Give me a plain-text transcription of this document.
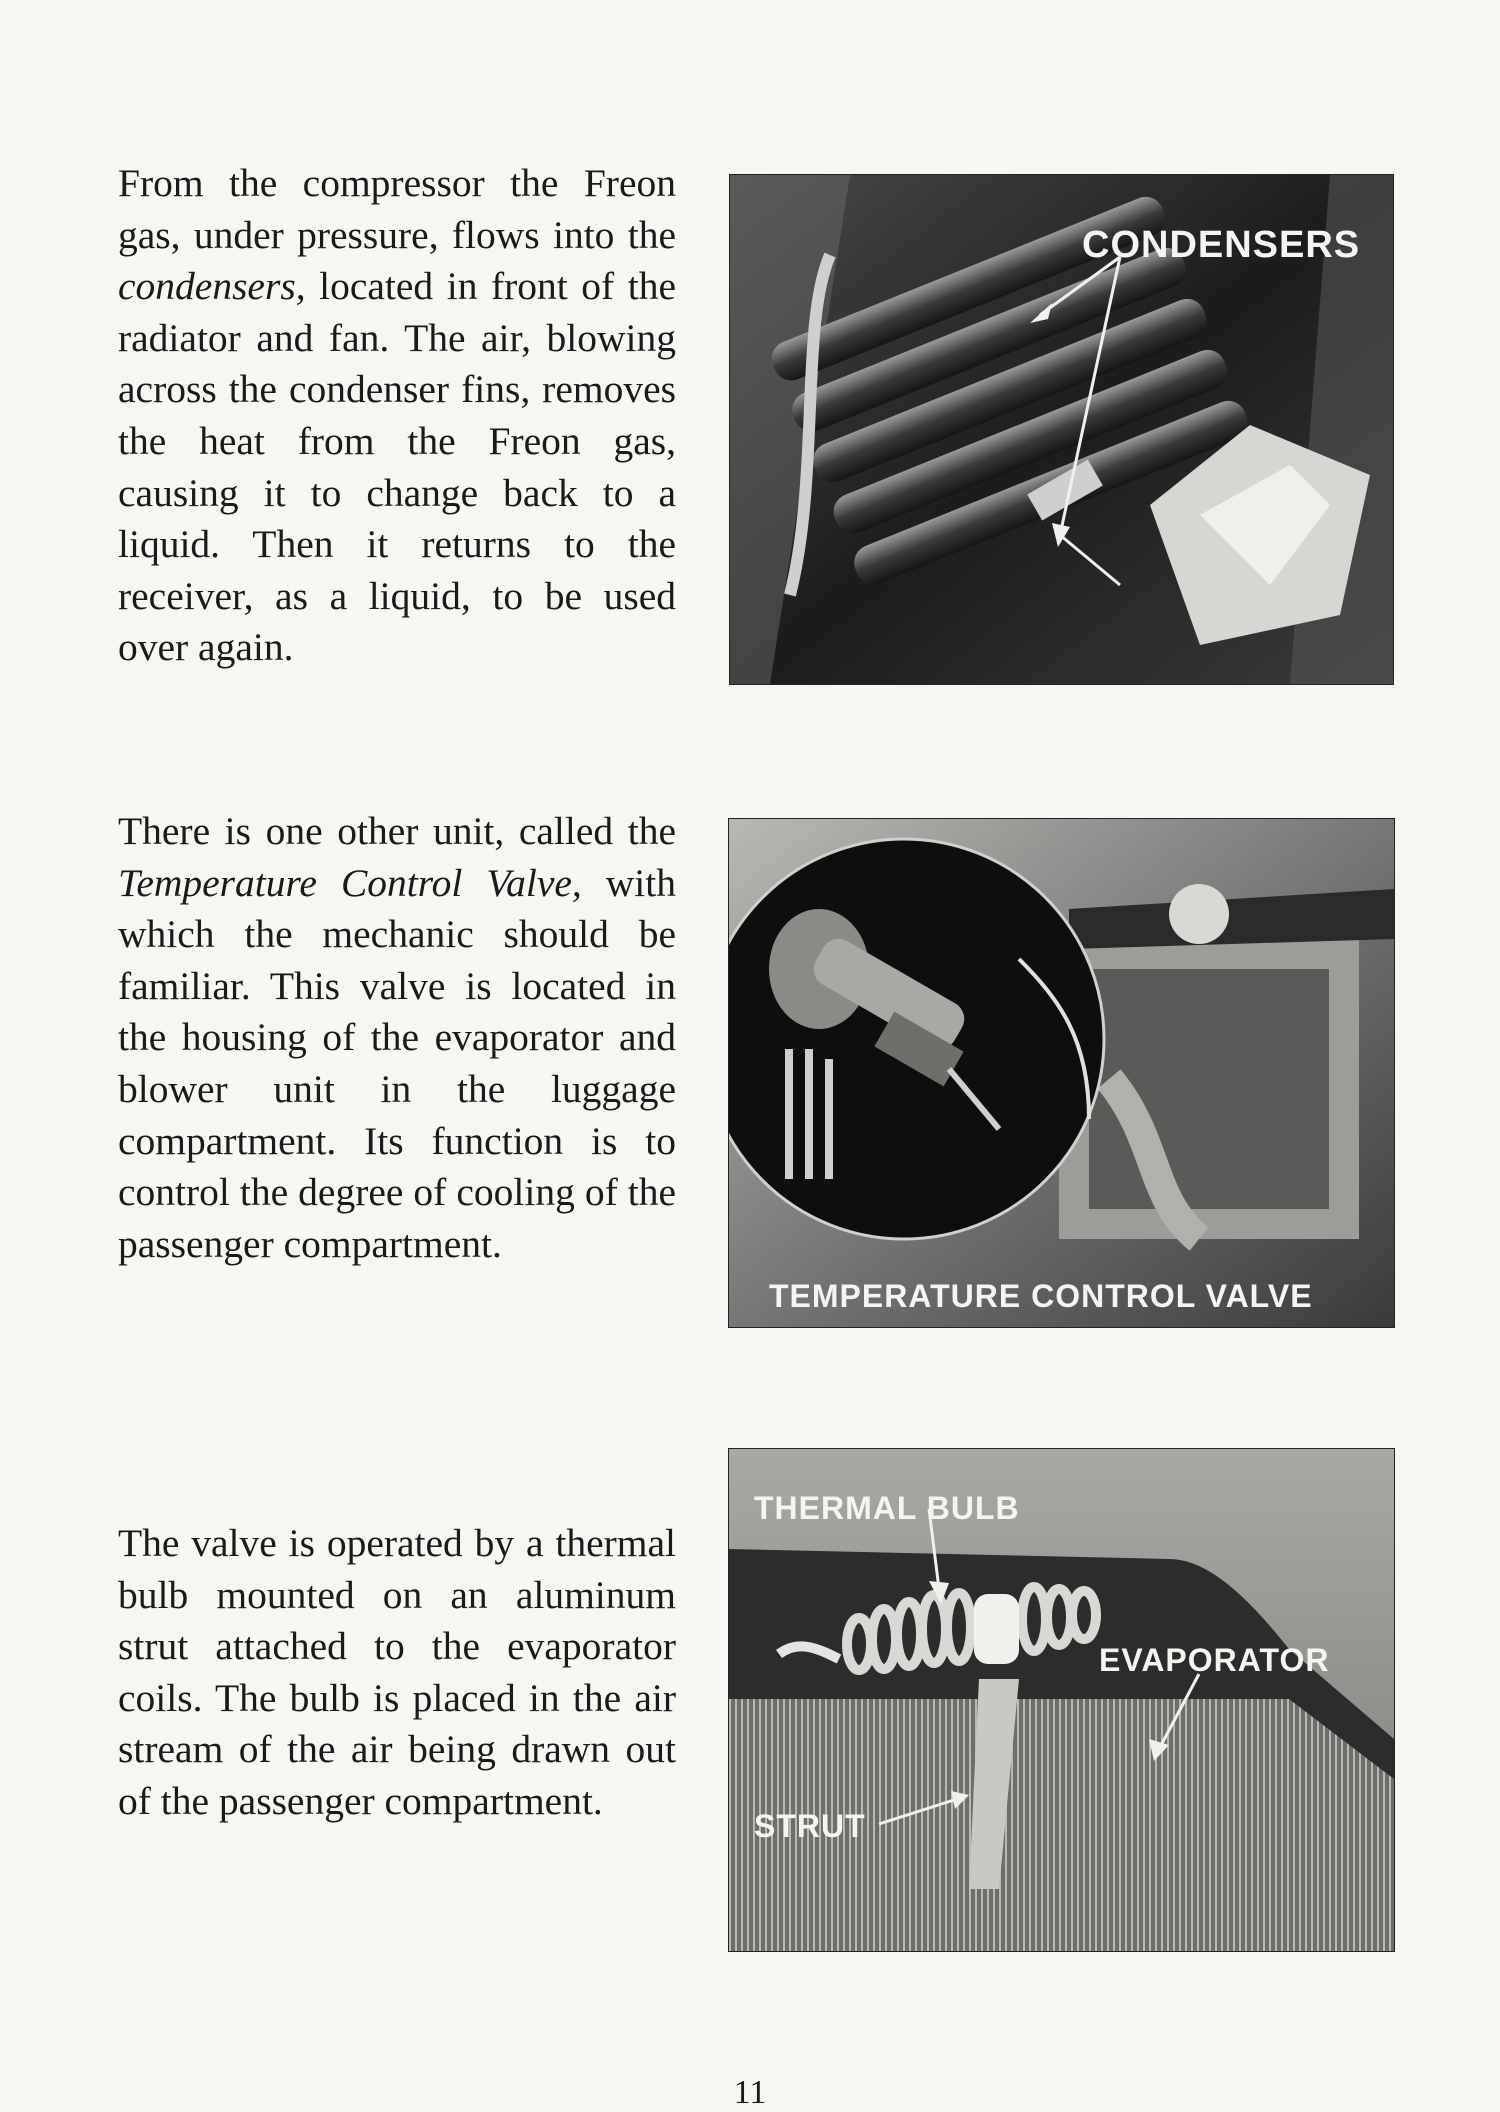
From the compressor the Freon gas, under pressure, flows into the condensers, located in front of the radiator and fan. The air, blowing across the condenser fins, removes the heat from the Freon gas, causing it to change back to a liquid. Then it returns to the receiver, as a liquid, to be used over again.
CONDENSERS
There is one other unit, called the Temperature Control Valve, with which the mechanic should be familiar. This valve is located in the housing of the evaporator and blower unit in the luggage compartment. Its function is to control the degree of cooling of the passenger compartment.
TEMPERATURE CONTROL VALVE
The valve is operated by a thermal bulb mounted on an aluminum strut attached to the evaporator coils. The bulb is placed in the air stream of the air being drawn out of the passenger compartment.
THERMAL BULB
EVAPORATOR
STRUT
11
